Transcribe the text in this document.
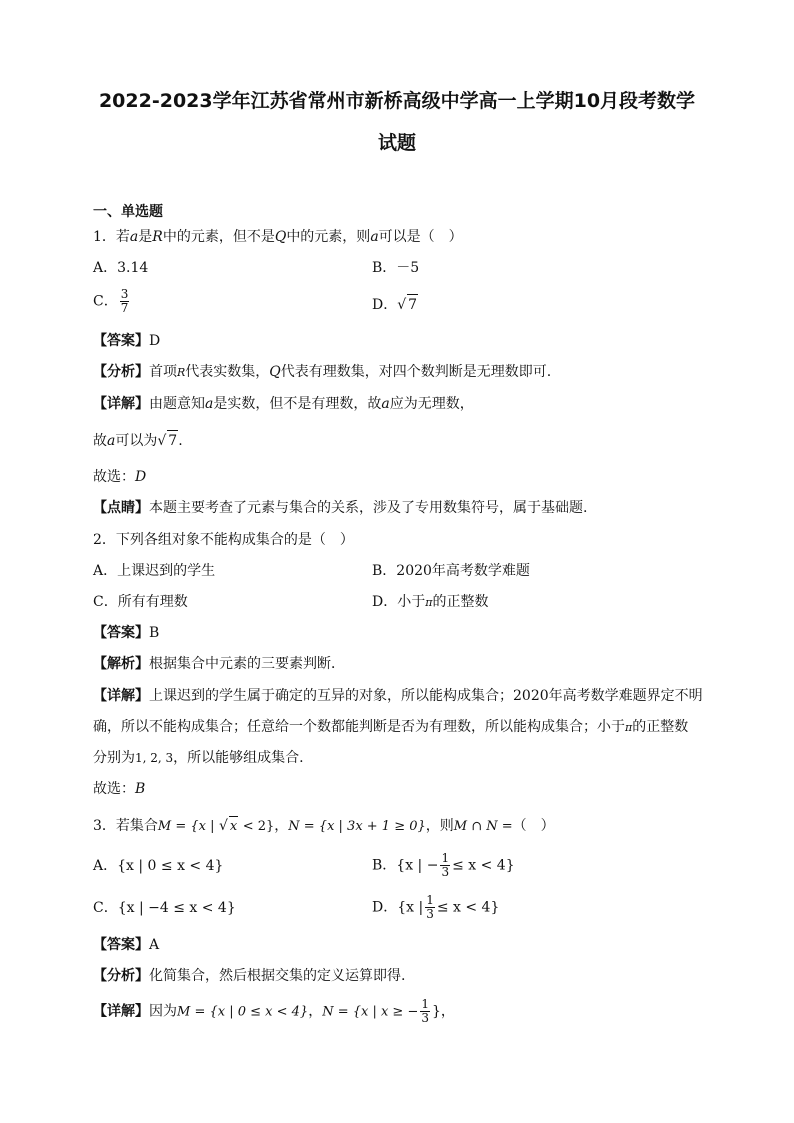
2022-2023学年江苏省常州市新桥高级中学高一上学期10月段考数学
试题
一、单选题
1．若a是R中的元素，但不是Q中的元素，则a可以是（　）
A．3.14	B．－5
C． $\frac{3}{7}$	D．√ 7
【答案】D
【分析】首项R代表实数集，Q代表有理数集，对四个数判断是无理数即可.
【详解】由题意知a是实数，但不是有理数，故a应为无理数，
故a可以为√ 7.
故选：D
【点睛】本题主要考查了元素与集合的关系，涉及了专用数集符号，属于基础题.
2．下列各组对象不能构成集合的是（　）
A．上课迟到的学生	B．2020年高考数学难题
C．所有有理数	D．小于π的正整数
【答案】B
【解析】根据集合中元素的三要素判断．
【详解】上课迟到的学生属于确定的互异的对象，所以能构成集合；2020年高考数学难题界定不明
确，所以不能构成集合；任意给一个数都能判断是否为有理数，所以能构成集合；小于π的正整数
分别为1, 2, 3，所以能够组成集合.
故选：B
3．若集合M = {x | √ x < 2}，N = {x | 3x + 1 ≥ 0}，则M ∩ N =（　）
A．{x | 0 ≤ x < 4}	B．{x | − $\frac{1}{3} \le x < 4$}
C．{x | −4 ≤ x < 4}	D．{x | $\frac{1}{3} \le x < 4$}
【答案】A
【分析】化简集合，然后根据交集的定义运算即得.
【详解】因为M = {x | 0 ≤ x < 4}，N = {x | x ≥ − $\frac{1}{3}$ }，
